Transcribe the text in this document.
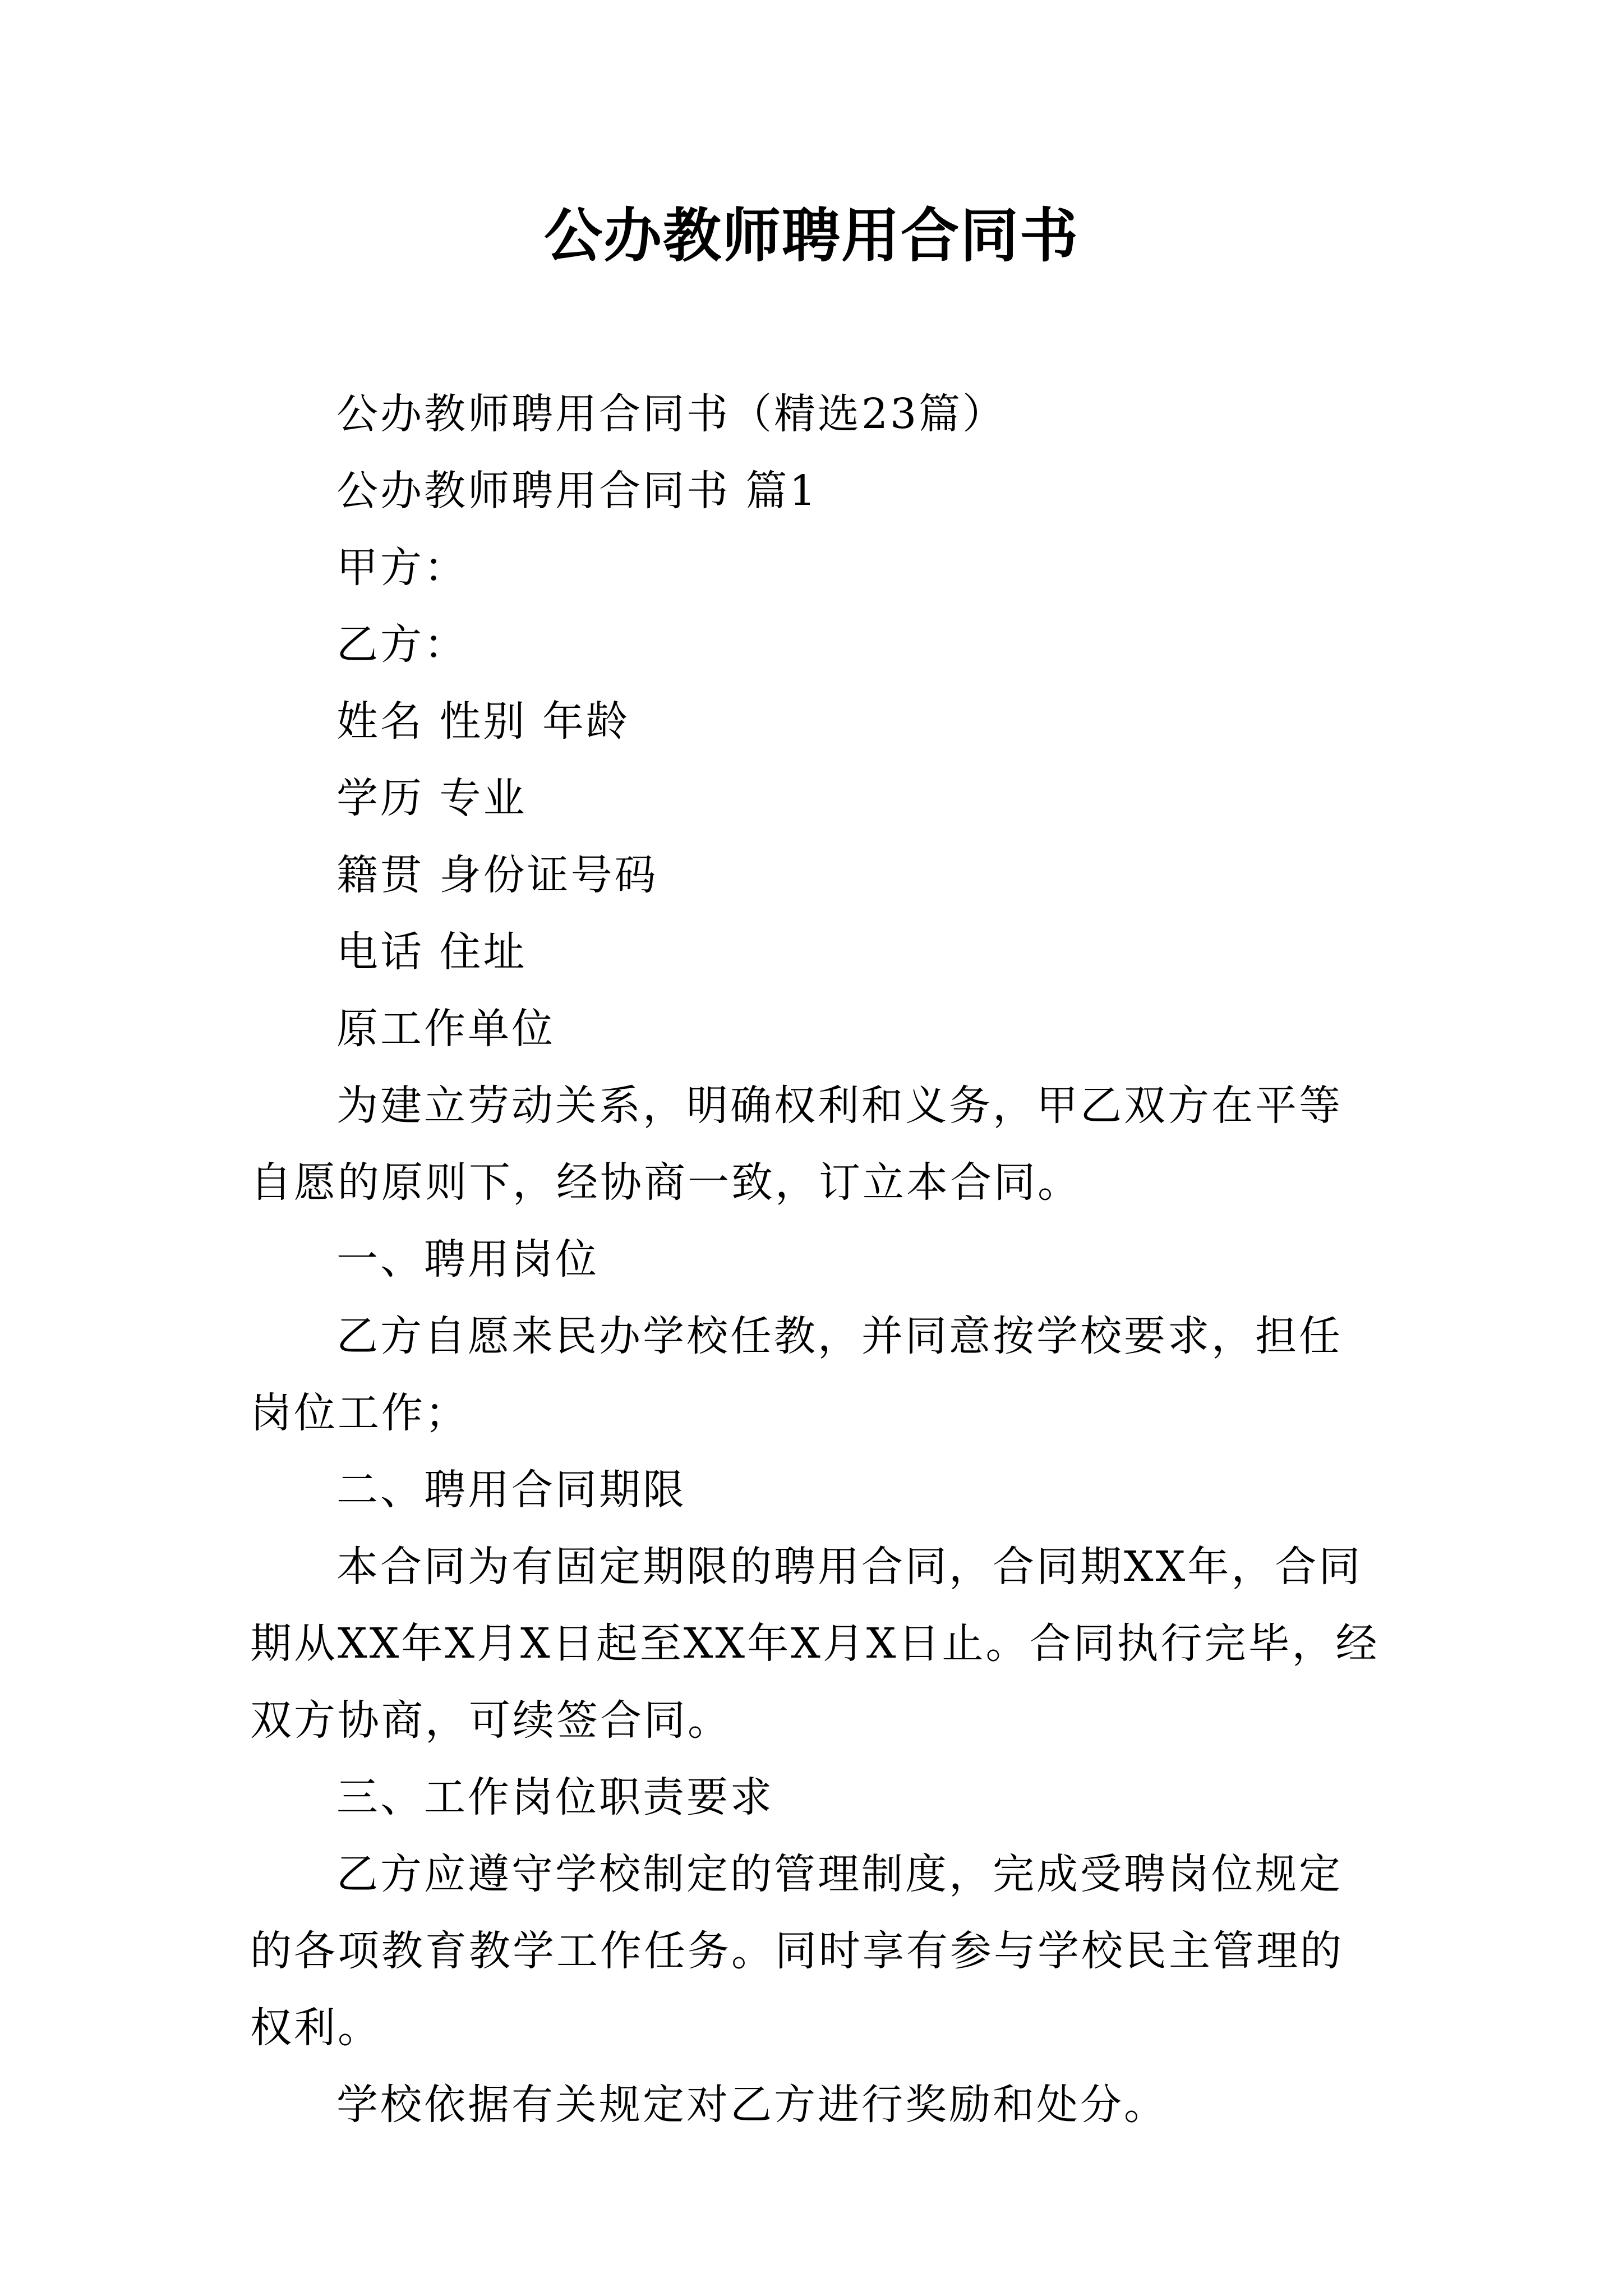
公办教师聘用合同书

公办教师聘用合同书（精选23篇）

公办教师聘用合同书 篇1

甲方：

乙方：

姓名 性别 年龄

学历 专业

籍贯 身份证号码

电话 住址

原工作单位

为建立劳动关系，明确权利和义务，甲乙双方在平等自愿的原则下，经协商一致，订立本合同。

一、聘用岗位

乙方自愿来民办学校任教，并同意按学校要求，担任岗位工作；

二、聘用合同期限

本合同为有固定期限的聘用合同，合同期XX年，合同期从XX年X月X日起至XX年X月X日止。合同执行完毕，经双方协商，可续签合同。

三、工作岗位职责要求

乙方应遵守学校制定的管理制度，完成受聘岗位规定的各项教育教学工作任务。同时享有参与学校民主管理的权利。

学校依据有关规定对乙方进行奖励和处分。
